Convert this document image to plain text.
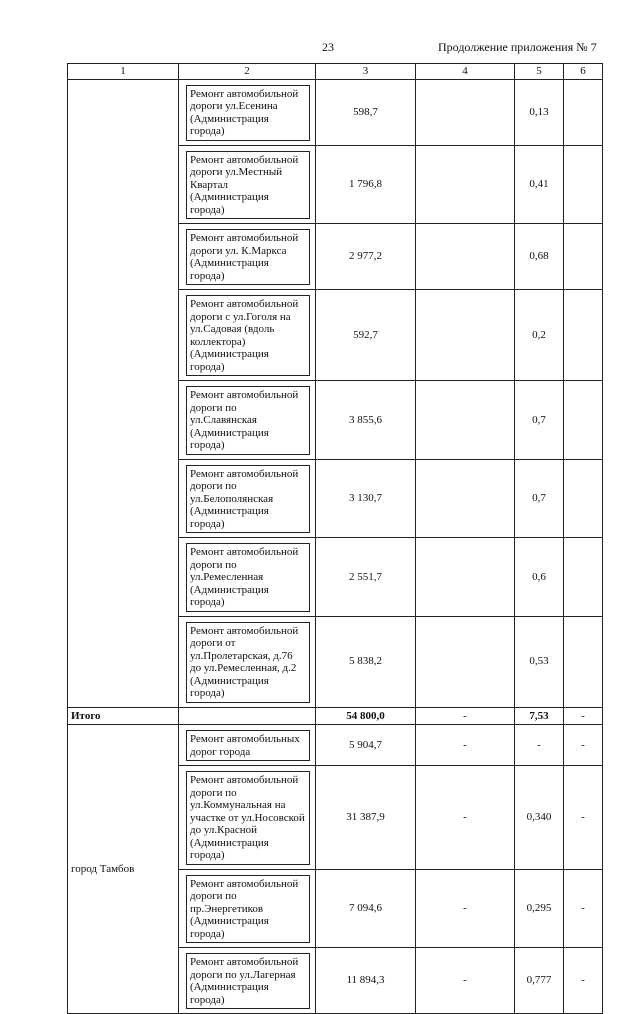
23	Продолжение приложения № 7
1	2	3	4	5	6

	Ремонт автомобильной дороги ул.Есенина (Администрация города)	598,7		0,13	

	Ремонт автомобильной дороги ул.Местный Квартал (Администрация города)	1 796,8		0,41	

	Ремонт автомобильной дороги ул. К.Маркса (Администрация города)	2 977,2		0,68	

	Ремонт автомобильной дороги с ул.Гоголя на ул.Садовая (вдоль коллектора) (Администрация города)	592,7		0,2	

	Ремонт автомобильной дороги по ул.Славянская (Администрация города)	3 855,6		0,7	

	Ремонт автомобильной дороги по ул.Белополянская (Администрация города)	3 130,7		0,7	

	Ремонт автомобильной дороги по ул.Ремесленная (Администрация города)	2 551,7		0,6	

	Ремонт автомобильной дороги от ул.Пролетарская, д.76 до ул.Ремесленная, д.2 (Администрация города)	5 838,2		0,53	
Итого		54 800,0	-	7,53	-
город Тамбов	Ремонт автомобильных дорог города	5 904,7	-	-	-

	Ремонт автомобильной дороги по ул.Коммунальная на участке от ул.Носовской до ул.Красной (Администрация города)	31 387,9	-	0,340	-

	Ремонт автомобильной дороги по пр.Энергетиков (Администрация города)	7 094,6	-	0,295	-

	Ремонт автомобильной дороги по ул.Лагерная (Администрация города)	11 894,3	-	0,777	-
